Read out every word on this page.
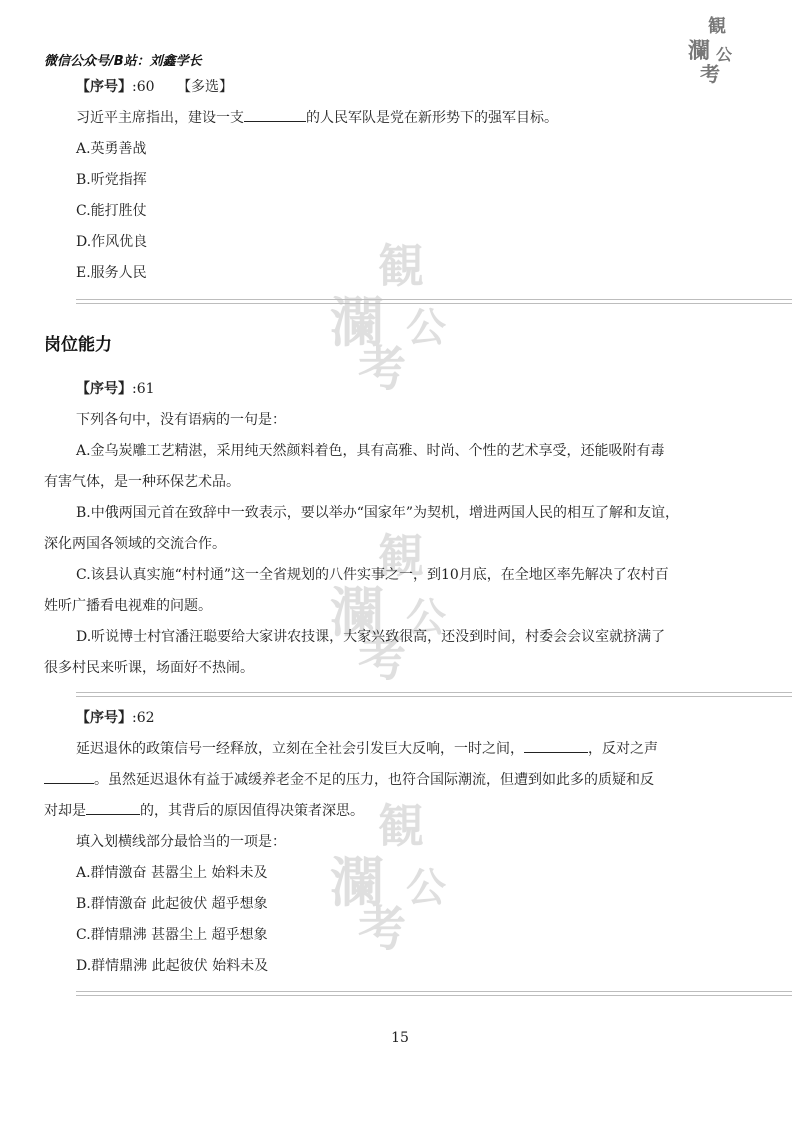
微信公众号/B站：刘鑫学长
観
瀾 公
考
観
瀾 公
考
観
瀾 公
考
観
瀾 公
考
【序号】:60 【多选】
习近平主席指出，建设一支	的人民军队是党在新形势下的强军目标。
A.英勇善战
B.听党指挥
C.能打胜仗
D.作风优良
E.服务人民
岗位能力
【序号】:61
下列各句中，没有语病的一句是：
A.金乌炭雕工艺精湛，采用纯天然颜料着色，具有高雅、时尚、个性的艺术享受，还能吸附有毒
有害气体，是一种环保艺术品。
B.中俄两国元首在致辞中一致表示，要以举办“国家年”为契机，增进两国人民的相互了解和友谊，
深化两国各领域的交流合作。
C.该县认真实施“村村通”这一全省规划的八件实事之一，到10月底，在全地区率先解决了农村百
姓听广播看电视难的问题。
D.听说博士村官潘汪聪要给大家讲农技课，大家兴致很高，还没到时间，村委会会议室就挤满了
很多村民来听课，场面好不热闹。
【序号】:62
延迟退休的政策信号一经释放，立刻在全社会引发巨大反响，一时之间，	，反对之声
。虽然延迟退休有益于减缓养老金不足的压力，也符合国际潮流，但遭到如此多的质疑和反
对却是	的，其背后的原因值得决策者深思。
填入划横线部分最恰当的一项是：
A.群情激奋 甚嚣尘上 始料未及
B.群情激奋 此起彼伏 超乎想象
C.群情鼎沸 甚嚣尘上 超乎想象
D.群情鼎沸 此起彼伏 始料未及
15
